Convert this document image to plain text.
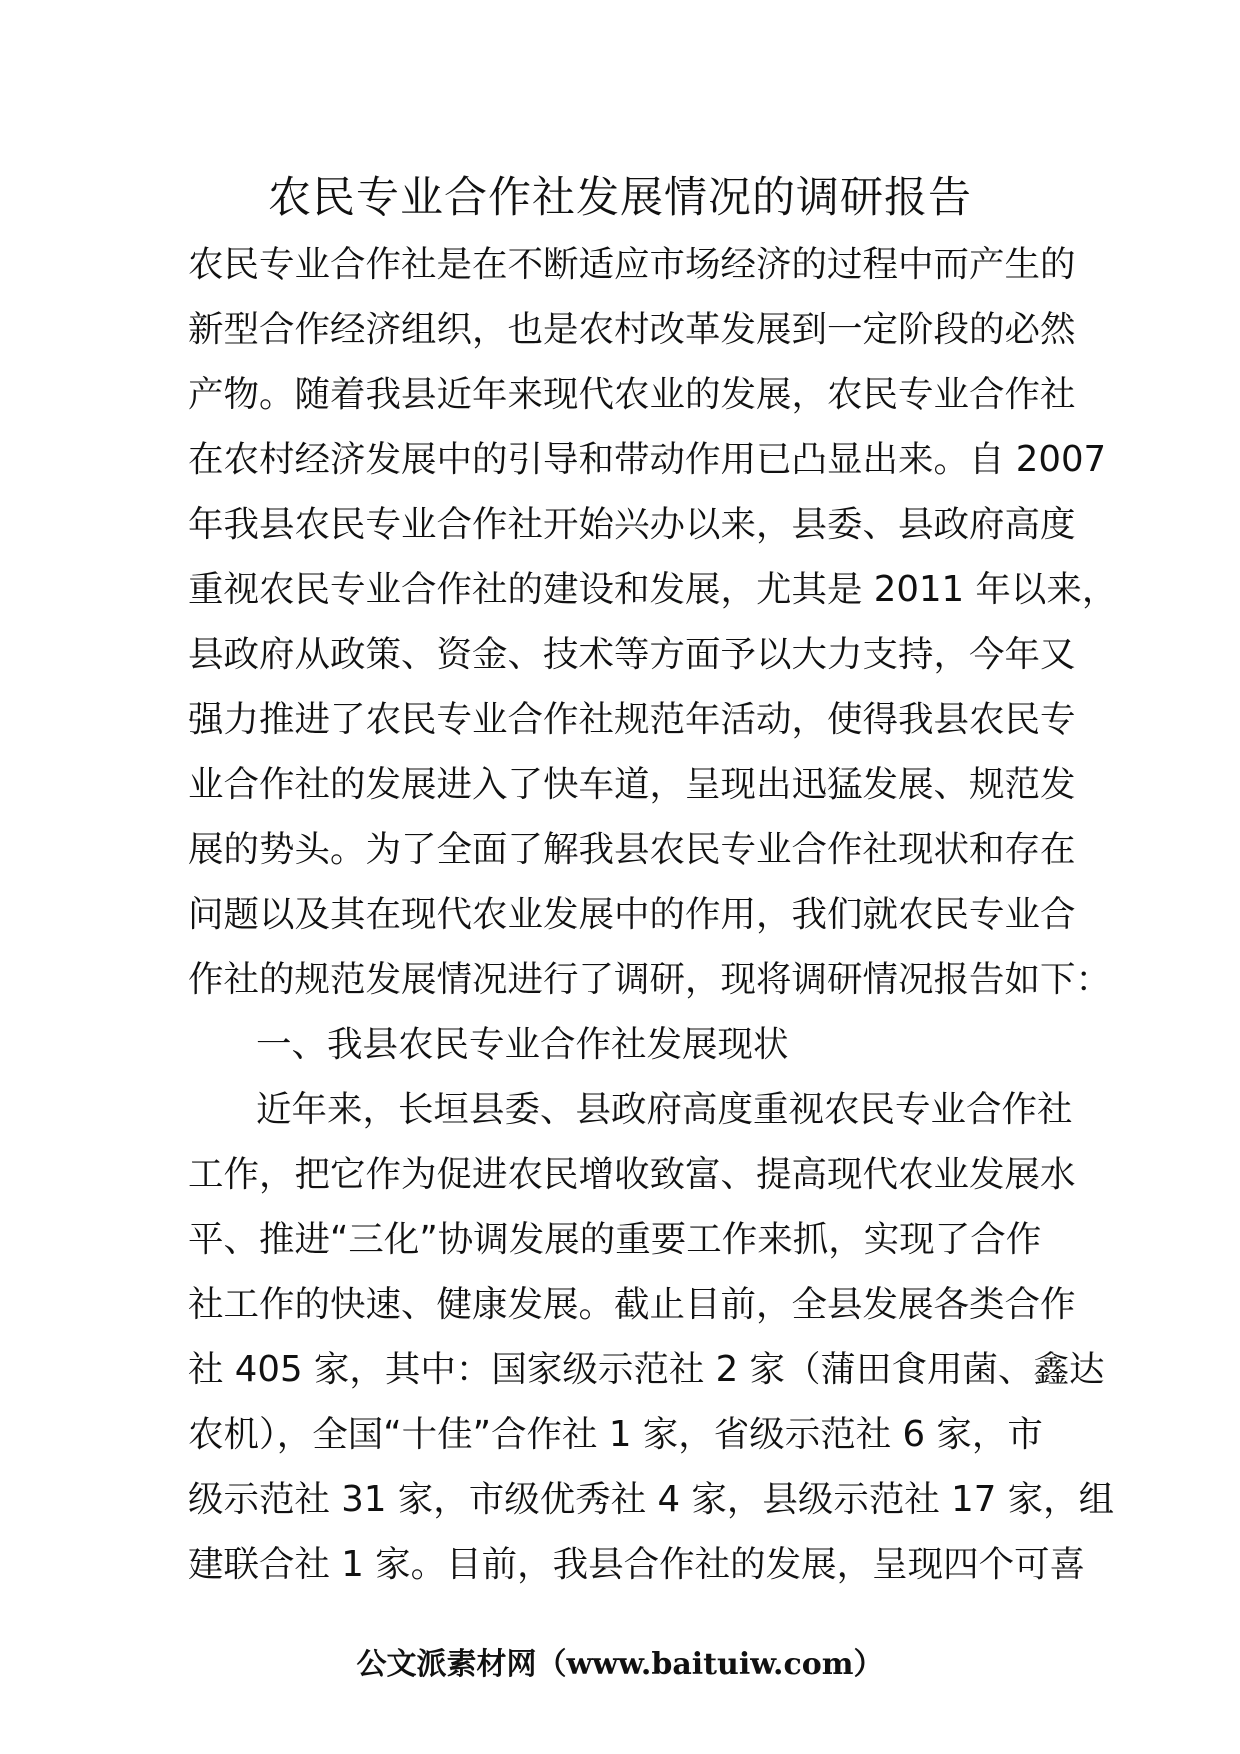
农民专业合作社发展情况的调研报告
农民专业合作社是在不断适应市场经济的过程中而产生的
新型合作经济组织，也是农村改革发展到一定阶段的必然
产物。随着我县近年来现代农业的发展，农民专业合作社
在农村经济发展中的引导和带动作用已凸显出来。自 2007
年我县农民专业合作社开始兴办以来，县委、县政府高度
重视农民专业合作社的建设和发展，尤其是 2011 年以来，
县政府从政策、资金、技术等方面予以大力支持，今年又
强力推进了农民专业合作社规范年活动，使得我县农民专
业合作社的发展进入了快车道，呈现出迅猛发展、规范发
展的势头。为了全面了解我县农民专业合作社现状和存在
问题以及其在现代农业发展中的作用，我们就农民专业合
作社的规范发展情况进行了调研，现将调研情况报告如下：
一、我县农民专业合作社发展现状
近年来，长垣县委、县政府高度重视农民专业合作社
工作，把它作为促进农民增收致富、提高现代农业发展水
平、推进“三化”协调发展的重要工作来抓，实现了合作
社工作的快速、健康发展。截止目前，全县发展各类合作
社 405 家，其中：国家级示范社 2 家（蒲田食用菌、鑫达
农机），全国“十佳”合作社 1 家，省级示范社 6 家，市
级示范社 31 家，市级优秀社 4 家，县级示范社 17 家，组
建联合社 1 家。目前，我县合作社的发展，呈现四个可喜
公文派素材网（www.baituiw.com）
